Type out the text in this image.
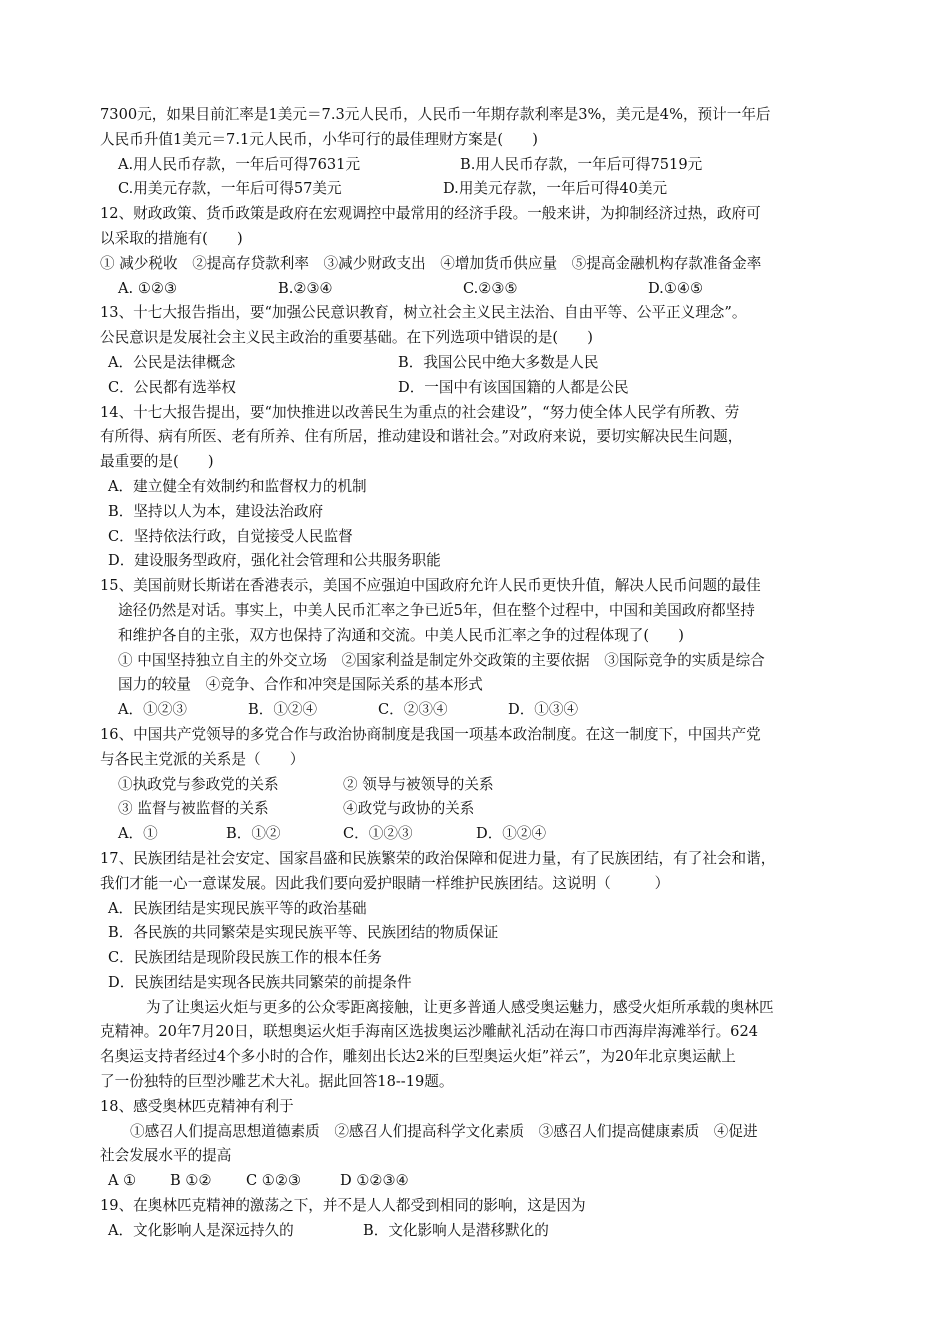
7300元，如果目前汇率是1美元＝7.3元人民币，人民币一年期存款利率是3%，美元是4%，预计一年后
人民币升值1美元＝7.1元人民币，小华可行的最佳理财方案是(　　)
A.用人民币存款，一年后可得7631元	B.用人民币存款，一年后可得7519元
C.用美元存款，一年后可得57美元	D.用美元存款，一年后可得40美元
12、财政政策、货币政策是政府在宏观调控中最常用的经济手段。一般来讲，为抑制经济过热，政府可
以采取的措施有(　　)
① 减少税收　②提高存贷款利率　③减少财政支出　④增加货币供应量　⑤提高金融机构存款准备金率
A. ①②③	B.②③④	C.②③⑤	D.①④⑤
13、十七大报告指出，要“加强公民意识教育，树立社会主义民主法治、自由平等、公平正义理念”。
公民意识是发展社会主义民主政治的重要基础。在下列选项中错误的是(　　)
A．公民是法律概念	B．我国公民中绝大多数是人民
C．公民都有选举权	D．一国中有该国国籍的人都是公民
14、十七大报告提出，要“加快推进以改善民生为重点的社会建设”，“努力使全体人民学有所教、劳
有所得、病有所医、老有所养、住有所居，推动建设和谐社会。”对政府来说，要切实解决民生问题，
最重要的是(　　)
A．建立健全有效制约和监督权力的机制
B．坚持以人为本，建设法治政府
C．坚持依法行政，自觉接受人民监督
D．建设服务型政府，强化社会管理和公共服务职能
15、美国前财长斯诺在香港表示，美国不应强迫中国政府允许人民币更快升值，解决人民币问题的最佳
途径仍然是对话。事实上，中美人民币汇率之争已近5年，但在整个过程中，中国和美国政府都坚持
和维护各自的主张，双方也保持了沟通和交流。中美人民币汇率之争的过程体现了(　　)
① 中国坚持独立自主的外交立场　②国家利益是制定外交政策的主要依据　③国际竞争的实质是综合
国力的较量　④竞争、合作和冲突是国际关系的基本形式
A．①②③	B．①②④	C．②③④	D．①③④
16、中国共产党领导的多党合作与政治协商制度是我国一项基本政治制度。在这一制度下，中国共产党
与各民主党派的关系是（　　）
①执政党与参政党的关系	② 领导与被领导的关系
③ 监督与被监督的关系	④政党与政协的关系
A．①	B．①②	C．①②③	D．①②④
17、民族团结是社会安定、国家昌盛和民族繁荣的政治保障和促进力量，有了民族团结，有了社会和谐，
我们才能一心一意谋发展。因此我们要向爱护眼睛一样维护民族团结。这说明（　　　）
A．民族团结是实现民族平等的政治基础
B．各民族的共同繁荣是实现民族平等、民族团结的物质保证
C．民族团结是现阶段民族工作的根本任务
D．民族团结是实现各民族共同繁荣的前提条件
为了让奥运火炬与更多的公众零距离接触，让更多普通人感受奥运魅力，感受火炬所承载的奥林匹
克精神。20年7月20日，联想奥运火炬手海南区选拔奥运沙雕献礼活动在海口市西海岸海滩举行。624
名奥运支持者经过4个多小时的合作，雕刻出长达2米的巨型奥运火炬”祥云”，为20年北京奥运献上
了一份独特的巨型沙雕艺术大礼。据此回答18--19题。
18、感受奥林匹克精神有利于
①感召人们提高思想道德素质　②感召人们提高科学文化素质　③感召人们提高健康素质　④促进
社会发展水平的提高
A ①	B ①②	C ①②③	D ①②③④
19、在奥林匹克精神的激荡之下，并不是人人都受到相同的影响，这是因为
A．文化影响人是深远持久的	B．文化影响人是潜移默化的
